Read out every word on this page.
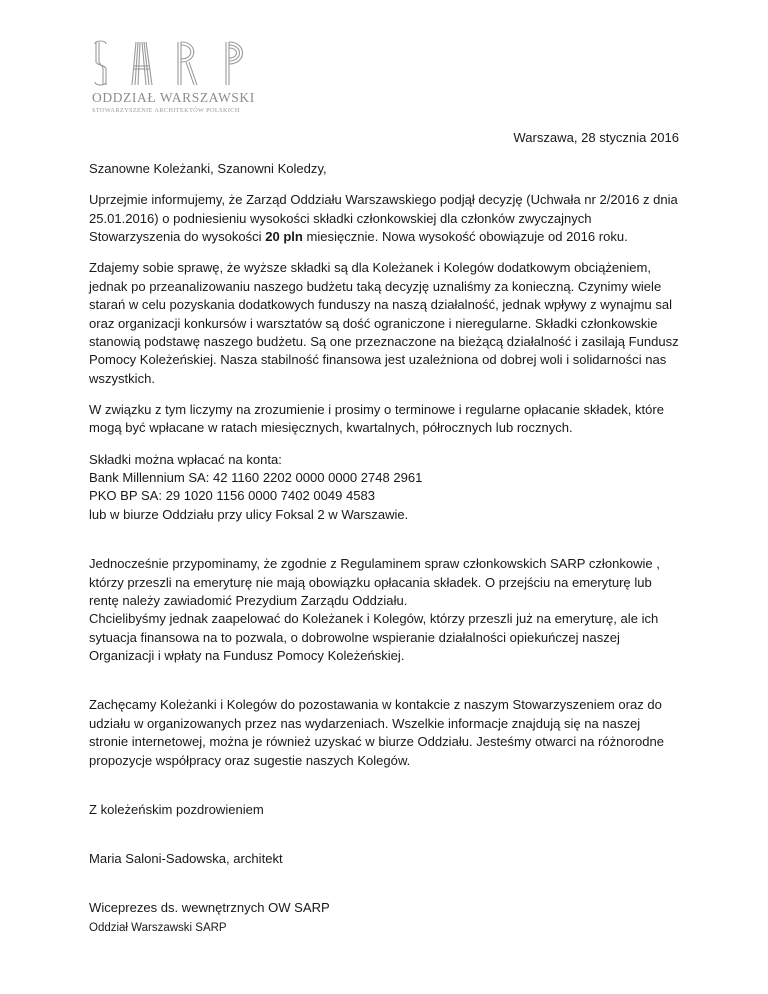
ODDZIAŁ WARSZAWSKI
STOWARZYSZENIE ARCHITEKTÓW POLSKICH

Warszawa, 28 stycznia 2016

Szanowne Koleżanki, Szanowni Koledzy,

Uprzejmie informujemy, że Zarząd Oddziału Warszawskiego podjął decyzję (Uchwała nr 2/2016 z dnia 25.01.2016) o podniesieniu wysokości składki członkowskiej dla członków zwyczajnych Stowarzyszenia do wysokości 20 pln miesięcznie. Nowa wysokość obowiązuje od 2016 roku.

Zdajemy sobie sprawę, że wyższe składki są dla Koleżanek i Kolegów dodatkowym obciążeniem, jednak po przeanalizowaniu naszego budżetu taką decyzję uznaliśmy za konieczną. Czynimy wiele starań w celu pozyskania dodatkowych funduszy na naszą działalność, jednak wpływy z wynajmu sal oraz organizacji konkursów i warsztatów są dość ograniczone i nieregularne. Składki członkowskie stanowią podstawę naszego budżetu. Są one przeznaczone na bieżącą działalność i zasilają Fundusz Pomocy Koleżeńskiej. Nasza stabilność finansowa jest uzależniona od dobrej woli i solidarności nas wszystkich.

W związku z tym liczymy na zrozumienie i prosimy o terminowe i regularne opłacanie składek, które mogą być wpłacane w ratach miesięcznych, kwartalnych, półrocznych lub rocznych.

Składki można wpłacać na konta:
Bank Millennium SA: 42 1160 2202 0000 0000 2748 2961
PKO BP SA: 29 1020 1156 0000 7402 0049 4583
lub w biurze Oddziału przy ulicy Foksal 2 w Warszawie.

Jednocześnie przypominamy, że zgodnie z Regulaminem spraw członkowskich SARP członkowie , którzy przeszli na emeryturę nie mają obowiązku opłacania składek. O przejściu na emeryturę lub rentę należy zawiadomić Prezydium Zarządu Oddziału.
Chcielibyśmy jednak zaapelować do Koleżanek i Kolegów, którzy przeszli już na emeryturę, ale ich sytuacja finansowa na to pozwala, o dobrowolne wspieranie działalności opiekuńczej naszej Organizacji i wpłaty na Fundusz Pomocy Koleżeńskiej.

Zachęcamy Koleżanki i Kolegów do pozostawania w kontakcie z naszym Stowarzyszeniem oraz do udziału w organizowanych przez nas wydarzeniach. Wszelkie informacje znajdują się na naszej stronie internetowej, można je również uzyskać w biurze Oddziału. Jesteśmy otwarci na różnorodne propozycje współpracy oraz sugestie naszych Kolegów.

Z koleżeńskim pozdrowieniem

Maria Saloni-Sadowska, architekt

Wiceprezes ds. wewnętrznych OW SARP

Oddział Warszawski SARP
